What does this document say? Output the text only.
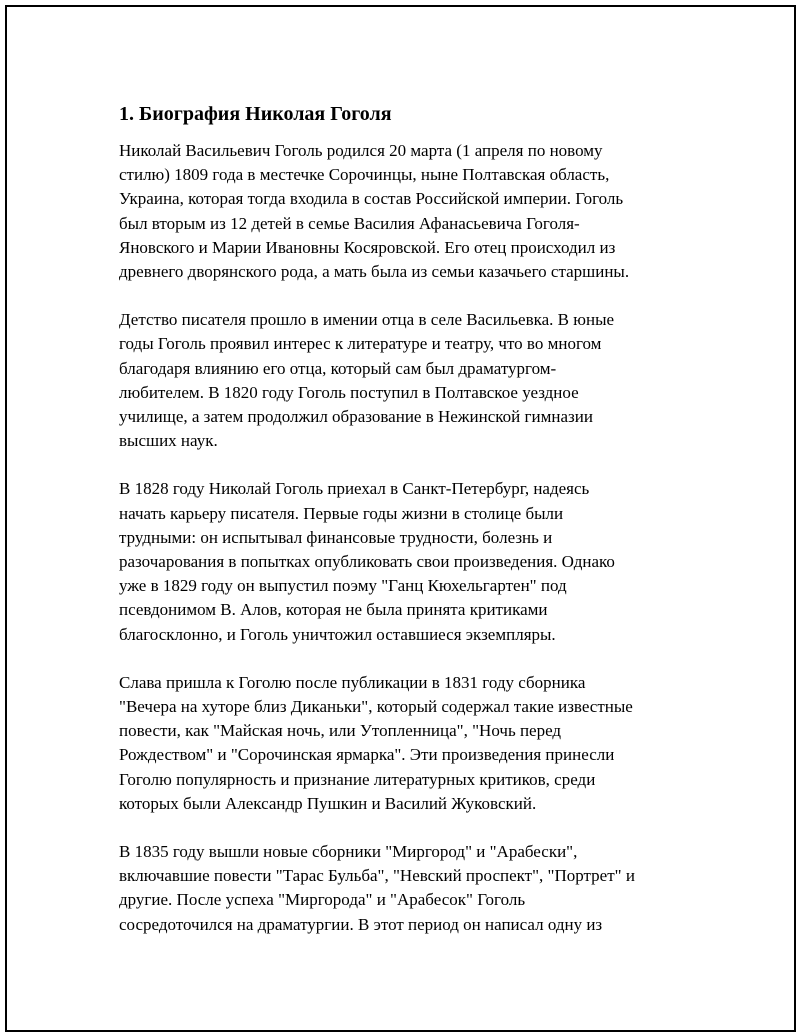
1. Биография Николая Гоголя

Николай Васильевич Гоголь родился 20 марта (1 апреля по новому
стилю) 1809 года в местечке Сорочинцы, ныне Полтавская область,
Украина, которая тогда входила в состав Российской империи. Гоголь
был вторым из 12 детей в семье Василия Афанасьевича Гоголя-
Яновского и Марии Ивановны Косяровской. Его отец происходил из
древнего дворянского рода, а мать была из семьи казачьего старшины.

Детство писателя прошло в имении отца в селе Васильевка. В юные
годы Гоголь проявил интерес к литературе и театру, что во многом
благодаря влиянию его отца, который сам был драматургом-
любителем. В 1820 году Гоголь поступил в Полтавское уездное
училище, а затем продолжил образование в Нежинской гимназии
высших наук.

В 1828 году Николай Гоголь приехал в Санкт-Петербург, надеясь
начать карьеру писателя. Первые годы жизни в столице были
трудными: он испытывал финансовые трудности, болезнь и
разочарования в попытках опубликовать свои произведения. Однако
уже в 1829 году он выпустил поэму "Ганц Кюхельгартен" под
псевдонимом В. Алов, которая не была принята критиками
благосклонно, и Гоголь уничтожил оставшиеся экземпляры.

Слава пришла к Гоголю после публикации в 1831 году сборника
"Вечера на хуторе близ Диканьки", который содержал такие известные
повести, как "Майская ночь, или Утопленница", "Ночь перед
Рождеством" и "Сорочинская ярмарка". Эти произведения принесли
Гоголю популярность и признание литературных критиков, среди
которых были Александр Пушкин и Василий Жуковский.

В 1835 году вышли новые сборники "Миргород" и "Арабески",
включавшие повести "Тарас Бульба", "Невский проспект", "Портрет" и
другие. После успеха "Миргорода" и "Арабесок" Гоголь
сосредоточился на драматургии. В этот период он написал одну из
